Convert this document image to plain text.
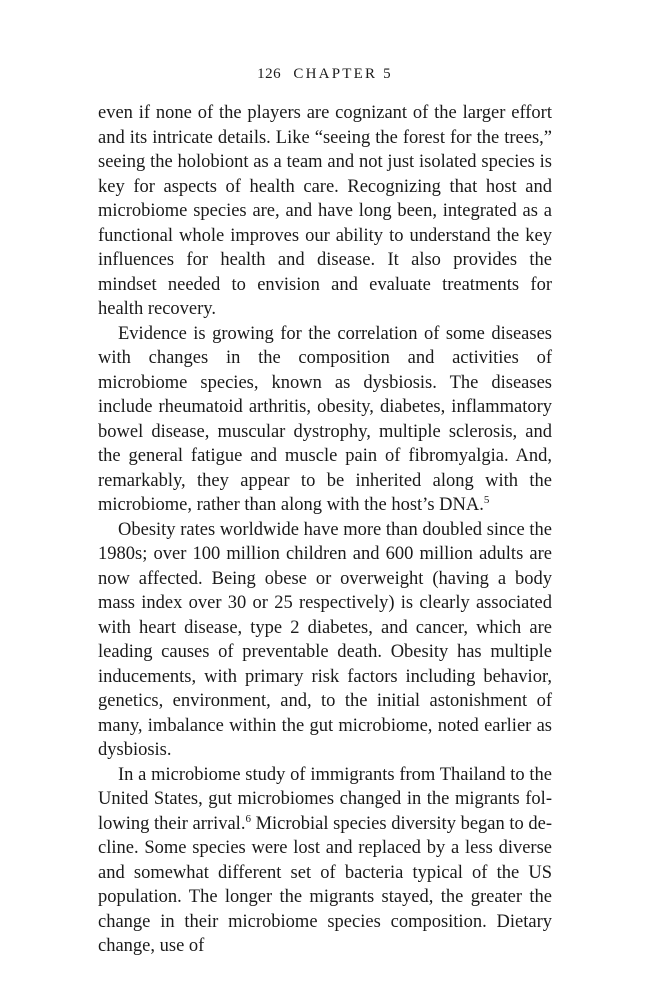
126 CHAPTER 5

even if none of the players are cognizant of the larger effort and its intricate details. Like “seeing the forest for the trees,” seeing the holobiont as a team and not just isolated species is key for aspects of health care. Recognizing that host and microbiome species are, and have long been, integrated as a functional whole improves our ability to understand the key influences for health and disease. It also provides the mindset needed to envision and evaluate treatments for health recovery.

Evidence is growing for the correlation of some diseases with changes in the composition and activities of microbiome species, known as dysbiosis. The diseases include rheumatoid arthritis, obesity, diabetes, inflammatory bowel disease, muscular dystrophy, multiple sclerosis, and the general fatigue and muscle pain of fibromyalgia. And, remarkably, they appear to be inherited along with the microbiome, rather than along with the host’s DNA.$^5$

Obesity rates worldwide have more than doubled since the 1980s; over 100 million children and 600 million adults are now affected. Being obese or overweight (having a body mass index over 30 or 25 respectively) is clearly associated with heart disease, type 2 diabetes, and cancer, which are leading causes of preventable death. Obesity has multiple inducements, with primary risk factors including behavior, genetics, environment, and, to the initial astonishment of many, imbalance within the gut microbiome, noted earlier as dysbiosis.

In a microbiome study of immigrants from Thailand to the United States, gut microbiomes changed in the migrants following their arrival.$^6$ Microbial species diversity began to decline. Some species were lost and replaced by a less diverse and somewhat different set of bacteria typical of the US population. The longer the migrants stayed, the greater the change in their microbiome species composition. Dietary change, use of
